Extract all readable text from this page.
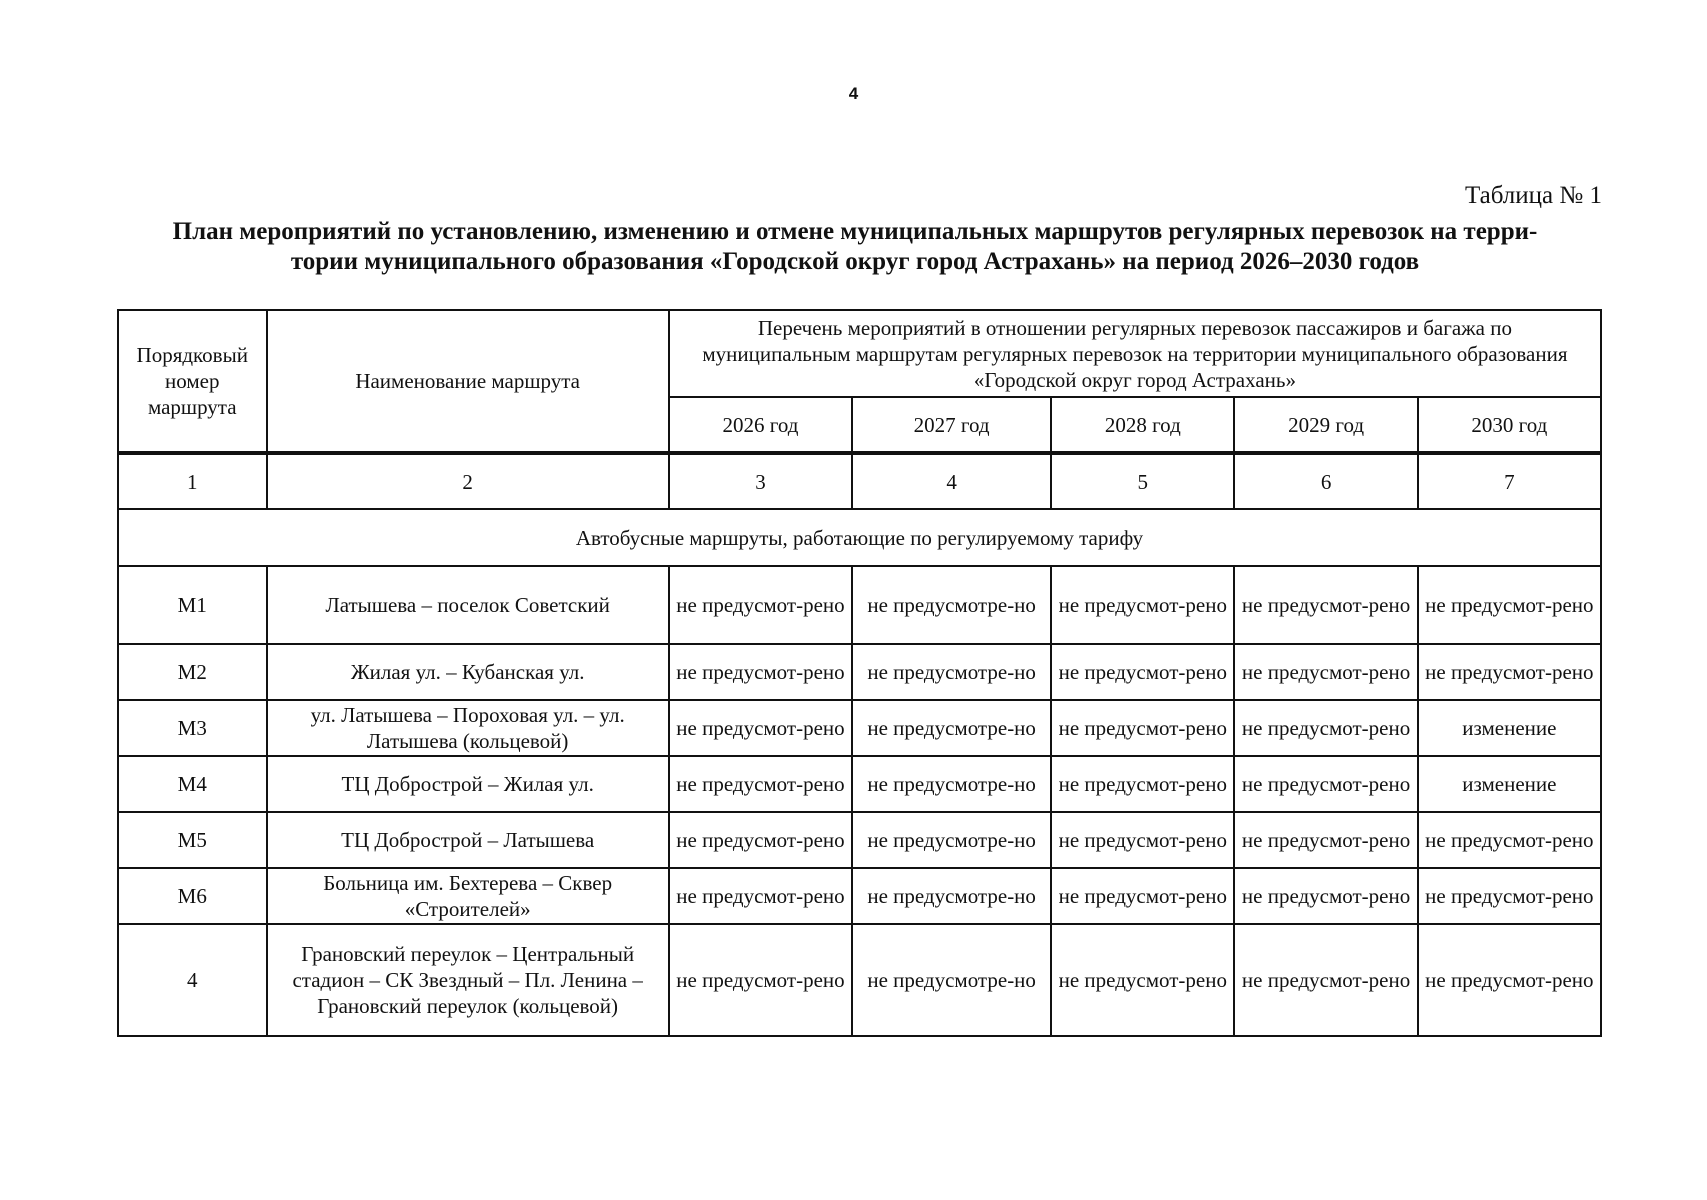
4
Таблица № 1
План мероприятий по установлению, изменению и отмене муниципальных маршрутов регулярных перевозок на терри-
тории муниципального образования «Городской округ город Астрахань» на период 2026–2030 годов
Порядковый номер маршрута	Наименование маршрута	Перечень мероприятий в отношении регулярных перевозок пассажиров и багажа по муниципальным маршрутам регулярных перевозок на территории муниципального образования «Городской округ город Астрахань»				
		2026 год	2027 год	2028 год	2029 год	2030 год
1	2	3	4	5	6	7
Автобусные маршруты, работающие по регулируемому тарифу						
М1	Латышева – поселок Советский	не предусмот-рено	не предусмотре-но	не предусмот-рено	не предусмот-рено	не предусмот-рено
М2	Жилая ул. – Кубанская ул.	не предусмот-рено	не предусмотре-но	не предусмот-рено	не предусмот-рено	не предусмот-рено
М3	ул. Латышева – Пороховая ул. – ул. Латышева (кольцевой)	не предусмот-рено	не предусмотре-но	не предусмот-рено	не предусмот-рено	изменение
М4	ТЦ Добрострой – Жилая ул.	не предусмот-рено	не предусмотре-но	не предусмот-рено	не предусмот-рено	изменение
М5	ТЦ Добрострой – Латышева	не предусмот-рено	не предусмотре-но	не предусмот-рено	не предусмот-рено	не предусмот-рено
М6	Больница им. Бехтерева – Сквер «Строителей»	не предусмот-рено	не предусмотре-но	не предусмот-рено	не предусмот-рено	не предусмот-рено
4	Грановский переулок – Центральный стадион – СК Звездный – Пл. Ленина – Грановский переулок (кольцевой)	не предусмот-рено	не предусмотре-но	не предусмот-рено	не предусмот-рено	не предусмот-рено
